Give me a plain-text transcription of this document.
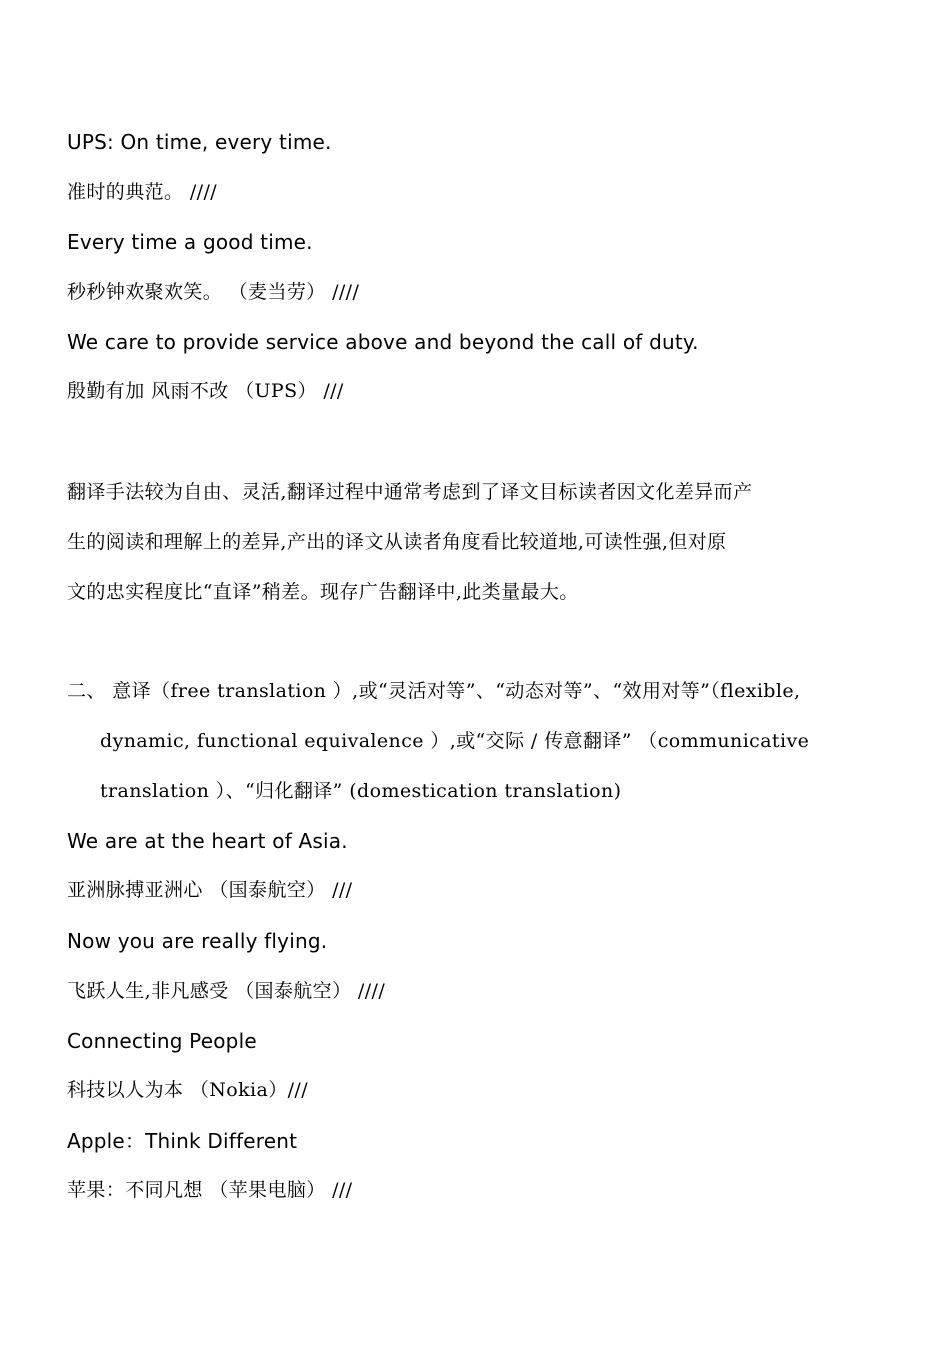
UPS: On time, every time.
准时的典范。 ////
Every time a good time.
秒秒钟欢聚欢笑。 （麦当劳） ////
We care to provide service above and beyond the call of duty.
殷勤有加 风雨不改 （UPS） ///
翻译手法较为自由、灵活,翻译过程中通常考虑到了译文目标读者因文化差异而产
生的阅读和理解上的差异,产出的译文从读者角度看比较道地,可读性强,但对原
文的忠实程度比“直译”稍差。现存广告翻译中,此类量最大。
二、 意译（free translation ）,或“灵活对等”、“动态对等”、“效用对等”（flexible,
dynamic, functional equivalence ）,或“交际 / 传意翻译” （communicative
translation ）、“归化翻译” (domestication translation)
We are at the heart of Asia.
亚洲脉搏亚洲心 （国泰航空） ///
Now you are really flying.
飞跃人生,非凡感受 （国泰航空） ////
Connecting People
科技以人为本 （Nokia）///
Apple：Think Different
苹果：不同凡想 （苹果电脑） ///
